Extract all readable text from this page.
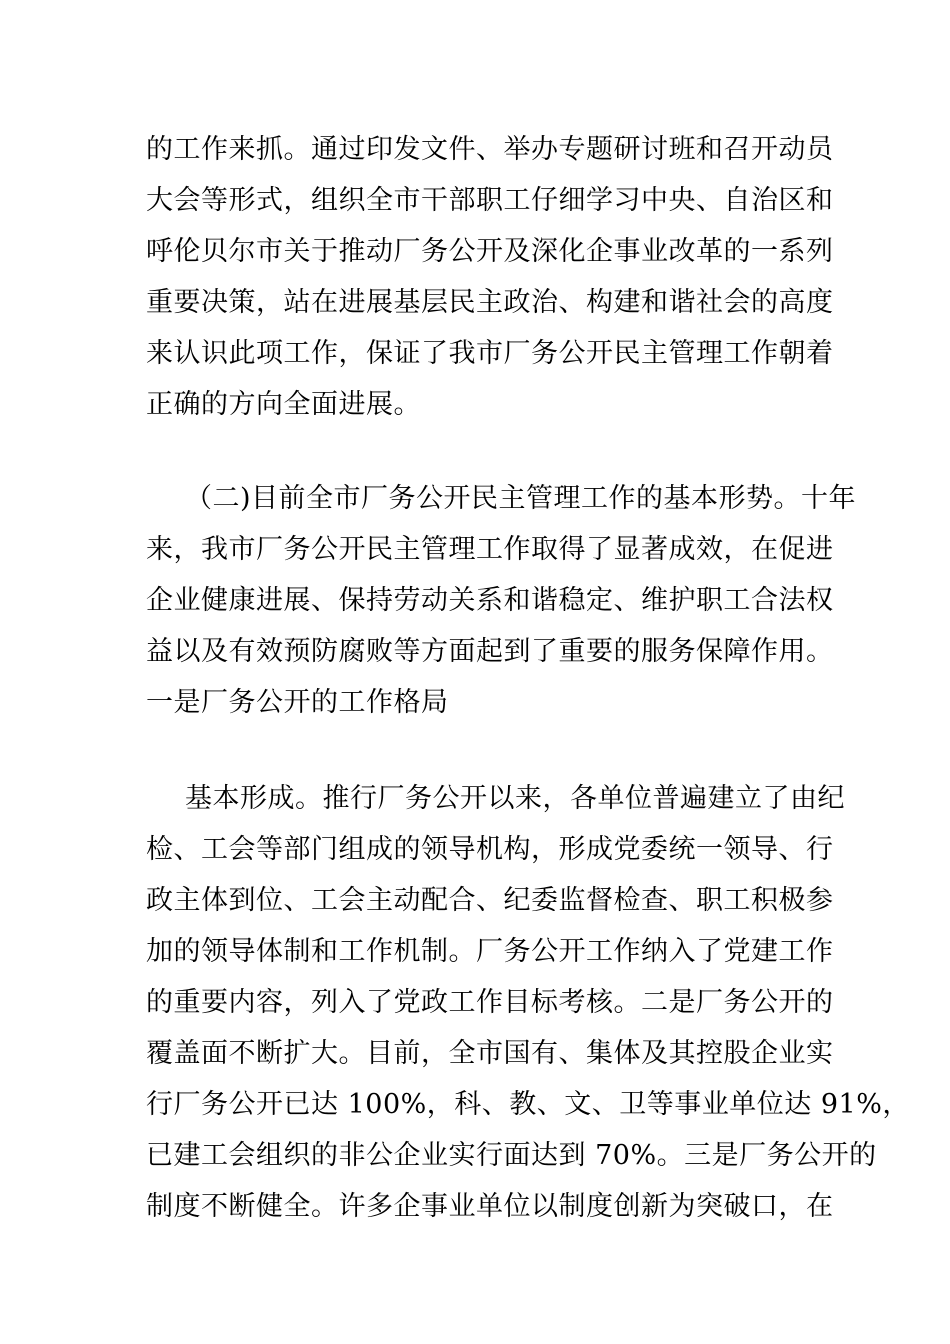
的工作来抓。通过印发文件、举办专题研讨班和召开动员
大会等形式，组织全市干部职工仔细学习中央、自治区和
呼伦贝尔市关于推动厂务公开及深化企事业改革的一系列
重要决策，站在进展基层民主政治、构建和谐社会的高度
来认识此项工作，保证了我市厂务公开民主管理工作朝着
正确的方向全面进展。
（二)目前全市厂务公开民主管理工作的基本形势。十年
来，我市厂务公开民主管理工作取得了显著成效，在促进
企业健康进展、保持劳动关系和谐稳定、维护职工合法权
益以及有效预防腐败等方面起到了重要的服务保障作用。
一是厂务公开的工作格局
基本形成。推行厂务公开以来，各单位普遍建立了由纪
检、工会等部门组成的领导机构，形成党委统一领导、行
政主体到位、工会主动配合、纪委监督检查、职工积极参
加的领导体制和工作机制。厂务公开工作纳入了党建工作
的重要内容，列入了党政工作目标考核。二是厂务公开的
覆盖面不断扩大。目前，全市国有、集体及其控股企业实
行厂务公开已达 100%，科、教、文、卫等事业单位达 91%，
已建工会组织的非公企业实行面达到 70%。三是厂务公开的
制度不断健全。许多企事业单位以制度创新为突破口，在
